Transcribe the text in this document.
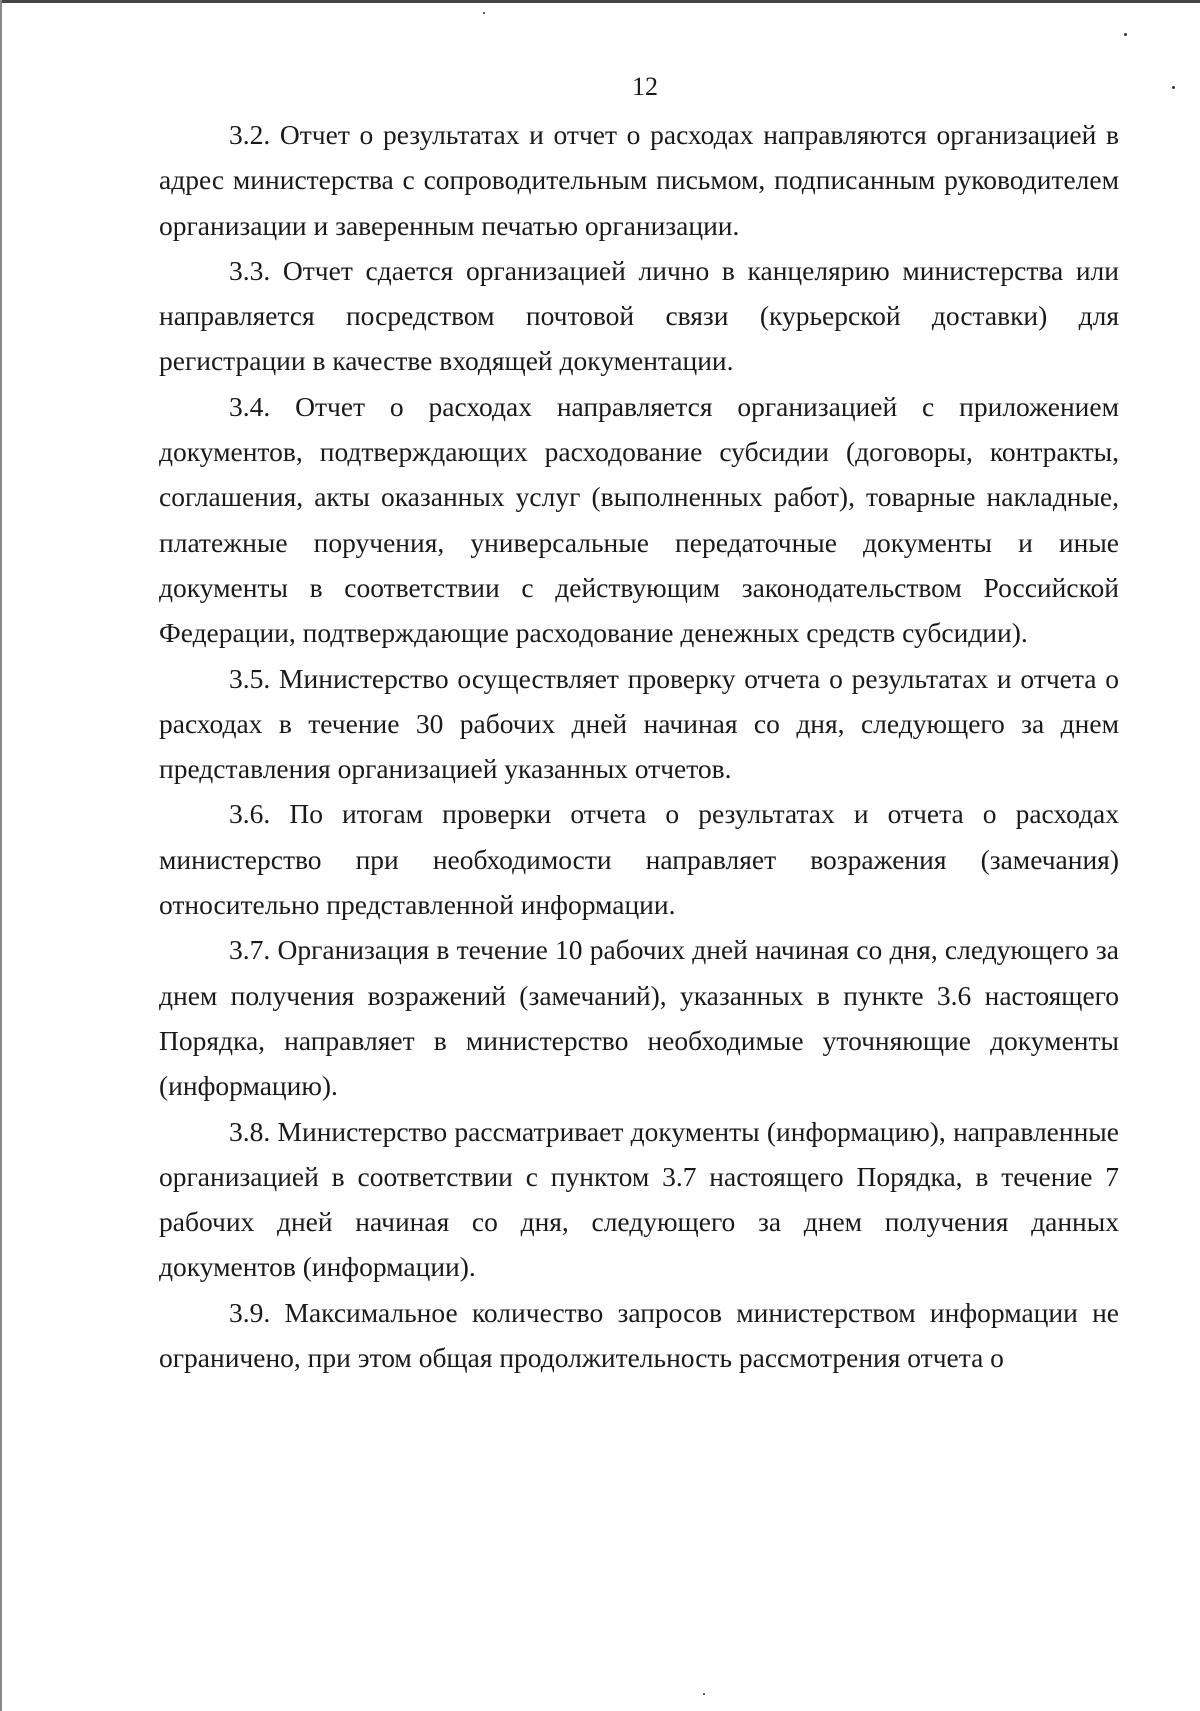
12

3.2. Отчет о результатах и отчет о расходах направляются организацией в адрес министерства с сопроводительным письмом, подписанным руководителем организации и заверенным печатью организации.

3.3. Отчет сдается организацией лично в канцелярию министерства или направляется посредством почтовой связи (курьерской доставки) для регистрации в качестве входящей документации.

3.4. Отчет о расходах направляется организацией с приложением документов, подтверждающих расходование субсидии (договоры, контракты, соглашения, акты оказанных услуг (выполненных работ), товарные накладные, платежные поручения, универсальные передаточные документы и иные документы в соответствии с действующим законодательством Российской Федерации, подтверждающие расходование денежных средств субсидии).

3.5. Министерство осуществляет проверку отчета о результатах и отчета о расходах в течение 30 рабочих дней начиная со дня, следующего за днем представления организацией указанных отчетов.

3.6. По итогам проверки отчета о результатах и отчета о расходах министерство при необходимости направляет возражения (замечания) относительно представленной информации.

3.7. Организация в течение 10 рабочих дней начиная со дня, следующего за днем получения возражений (замечаний), указанных в пункте 3.6 настоящего Порядка, направляет в министерство необходимые уточняющие документы (информацию).

3.8. Министерство рассматривает документы (информацию), направленные организацией в соответствии с пунктом 3.7 настоящего Порядка, в течение 7 рабочих дней начиная со дня, следующего за днем получения данных документов (информации).

3.9. Максимальное количество запросов министерством информации не ограничено, при этом общая продолжительность рассмотрения отчета о
